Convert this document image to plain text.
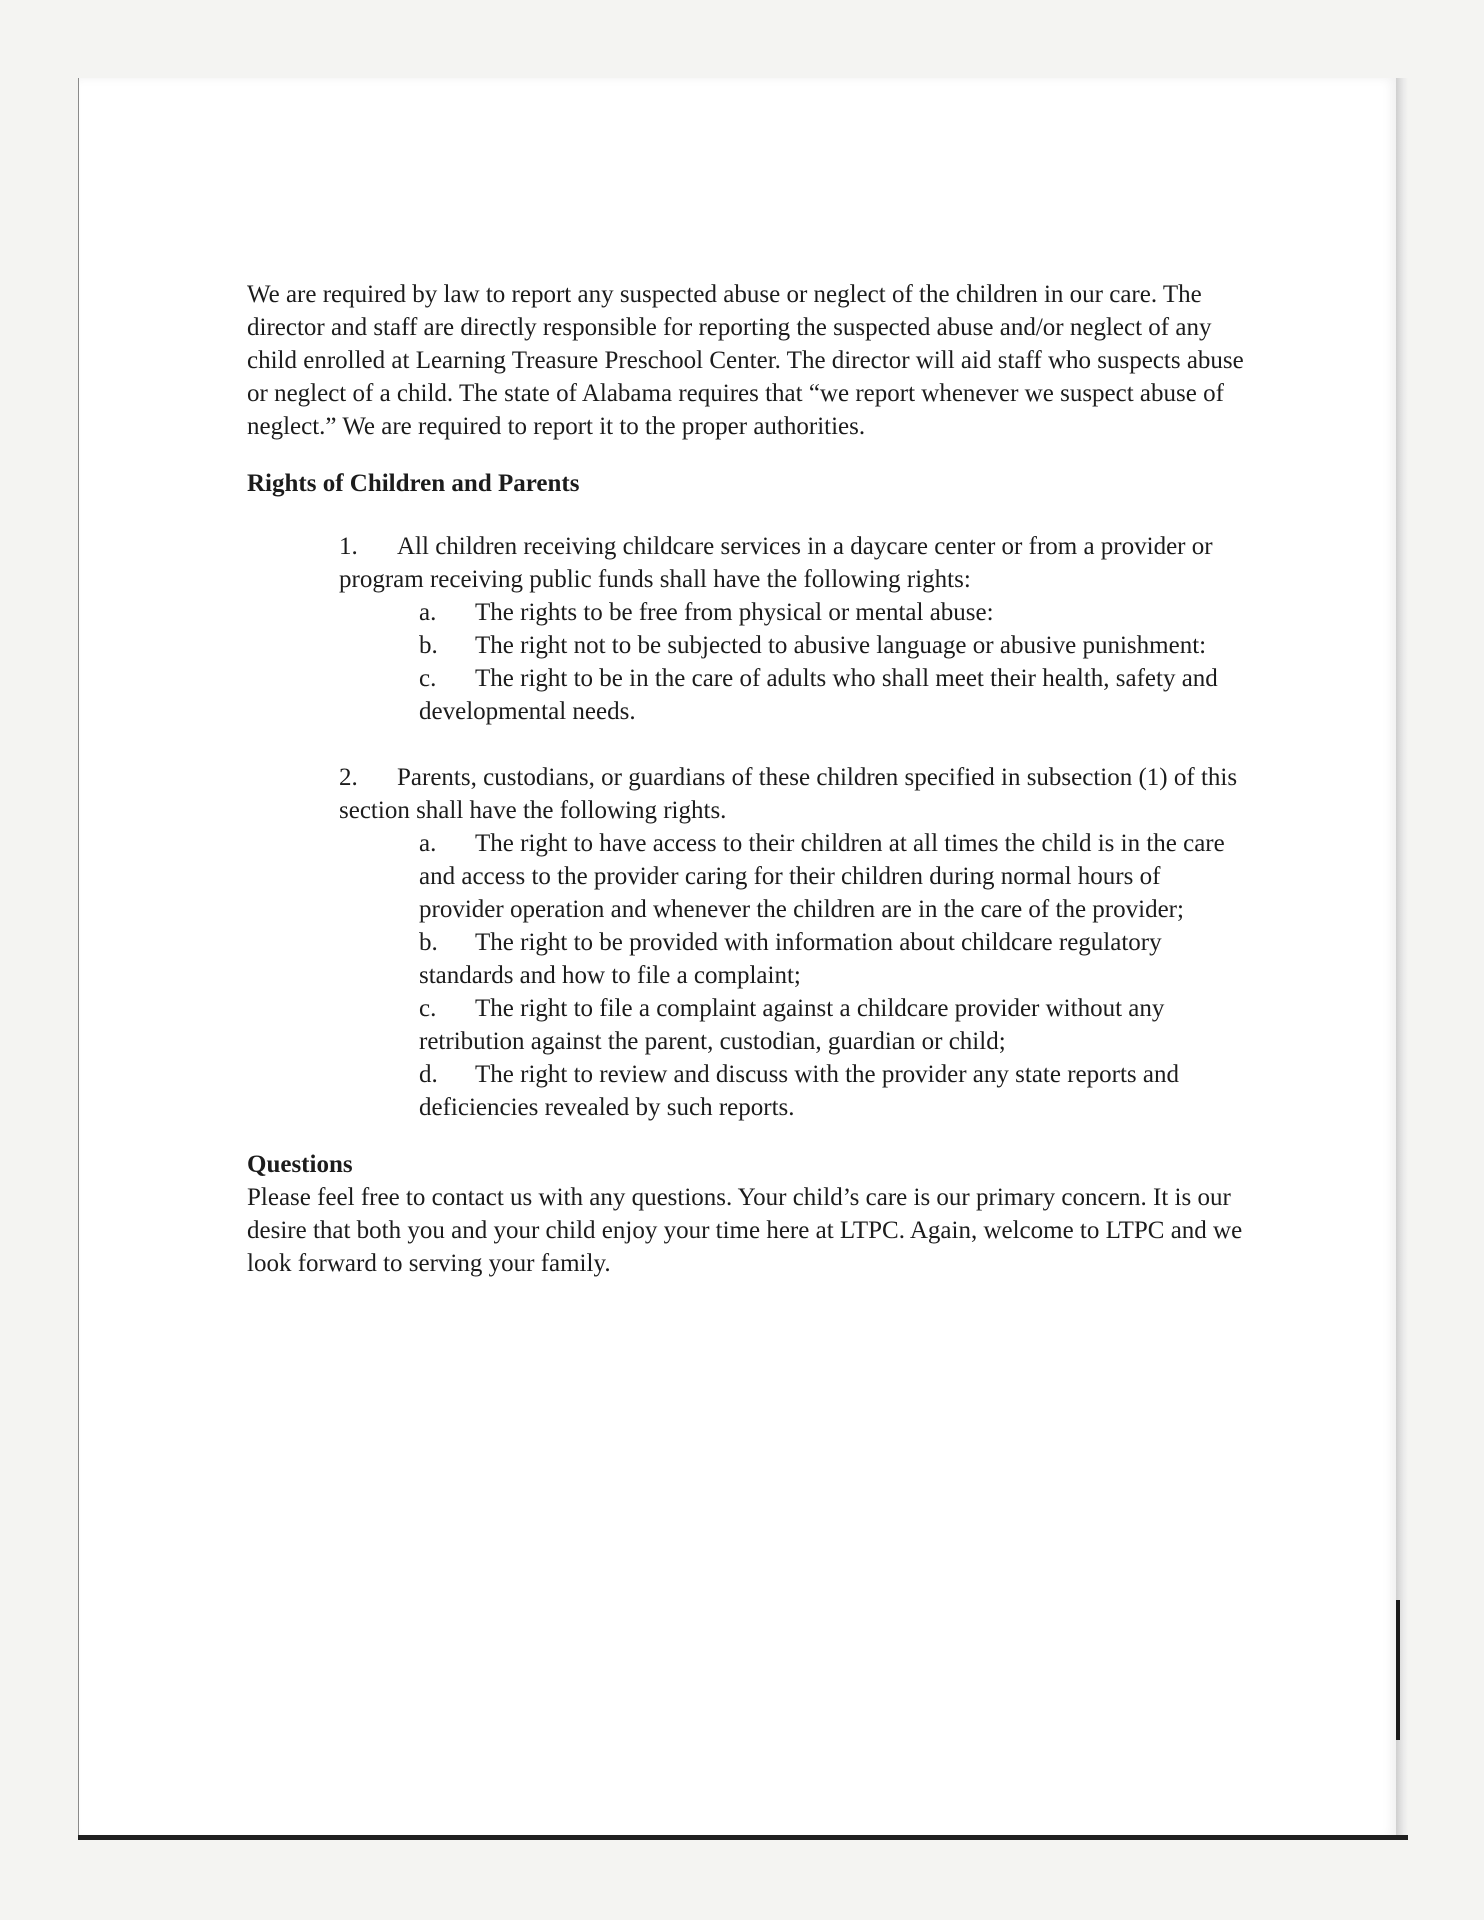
We are required by law to report any suspected abuse or neglect of the children in our care. The director and staff are directly responsible for reporting the suspected abuse and/or neglect of any child enrolled at Learning Treasure Preschool Center. The director will aid staff who suspects abuse or neglect of a child. The state of Alabama requires that “we report whenever we suspect abuse of neglect.” We are required to report it to the proper authorities.

Rights of Children and Parents

1. All children receiving childcare services in a daycare center or from a provider or program receiving public funds shall have the following rights:

a. The rights to be free from physical or mental abuse:

b. The right not to be subjected to abusive language or abusive punishment:

c. The right to be in the care of adults who shall meet their health, safety and developmental needs.

2. Parents, custodians, or guardians of these children specified in subsection (1) of this section shall have the following rights.

a. The right to have access to their children at all times the child is in the care and access to the provider caring for their children during normal hours of provider operation and whenever the children are in the care of the provider;

b. The right to be provided with information about childcare regulatory standards and how to file a complaint;

c. The right to file a complaint against a childcare provider without any retribution against the parent, custodian, guardian or child;

d. The right to review and discuss with the provider any state reports and deficiencies revealed by such reports.

Questions

Please feel free to contact us with any questions. Your child’s care is our primary concern. It is our desire that both you and your child enjoy your time here at LTPC. Again, welcome to LTPC and we look forward to serving your family.
